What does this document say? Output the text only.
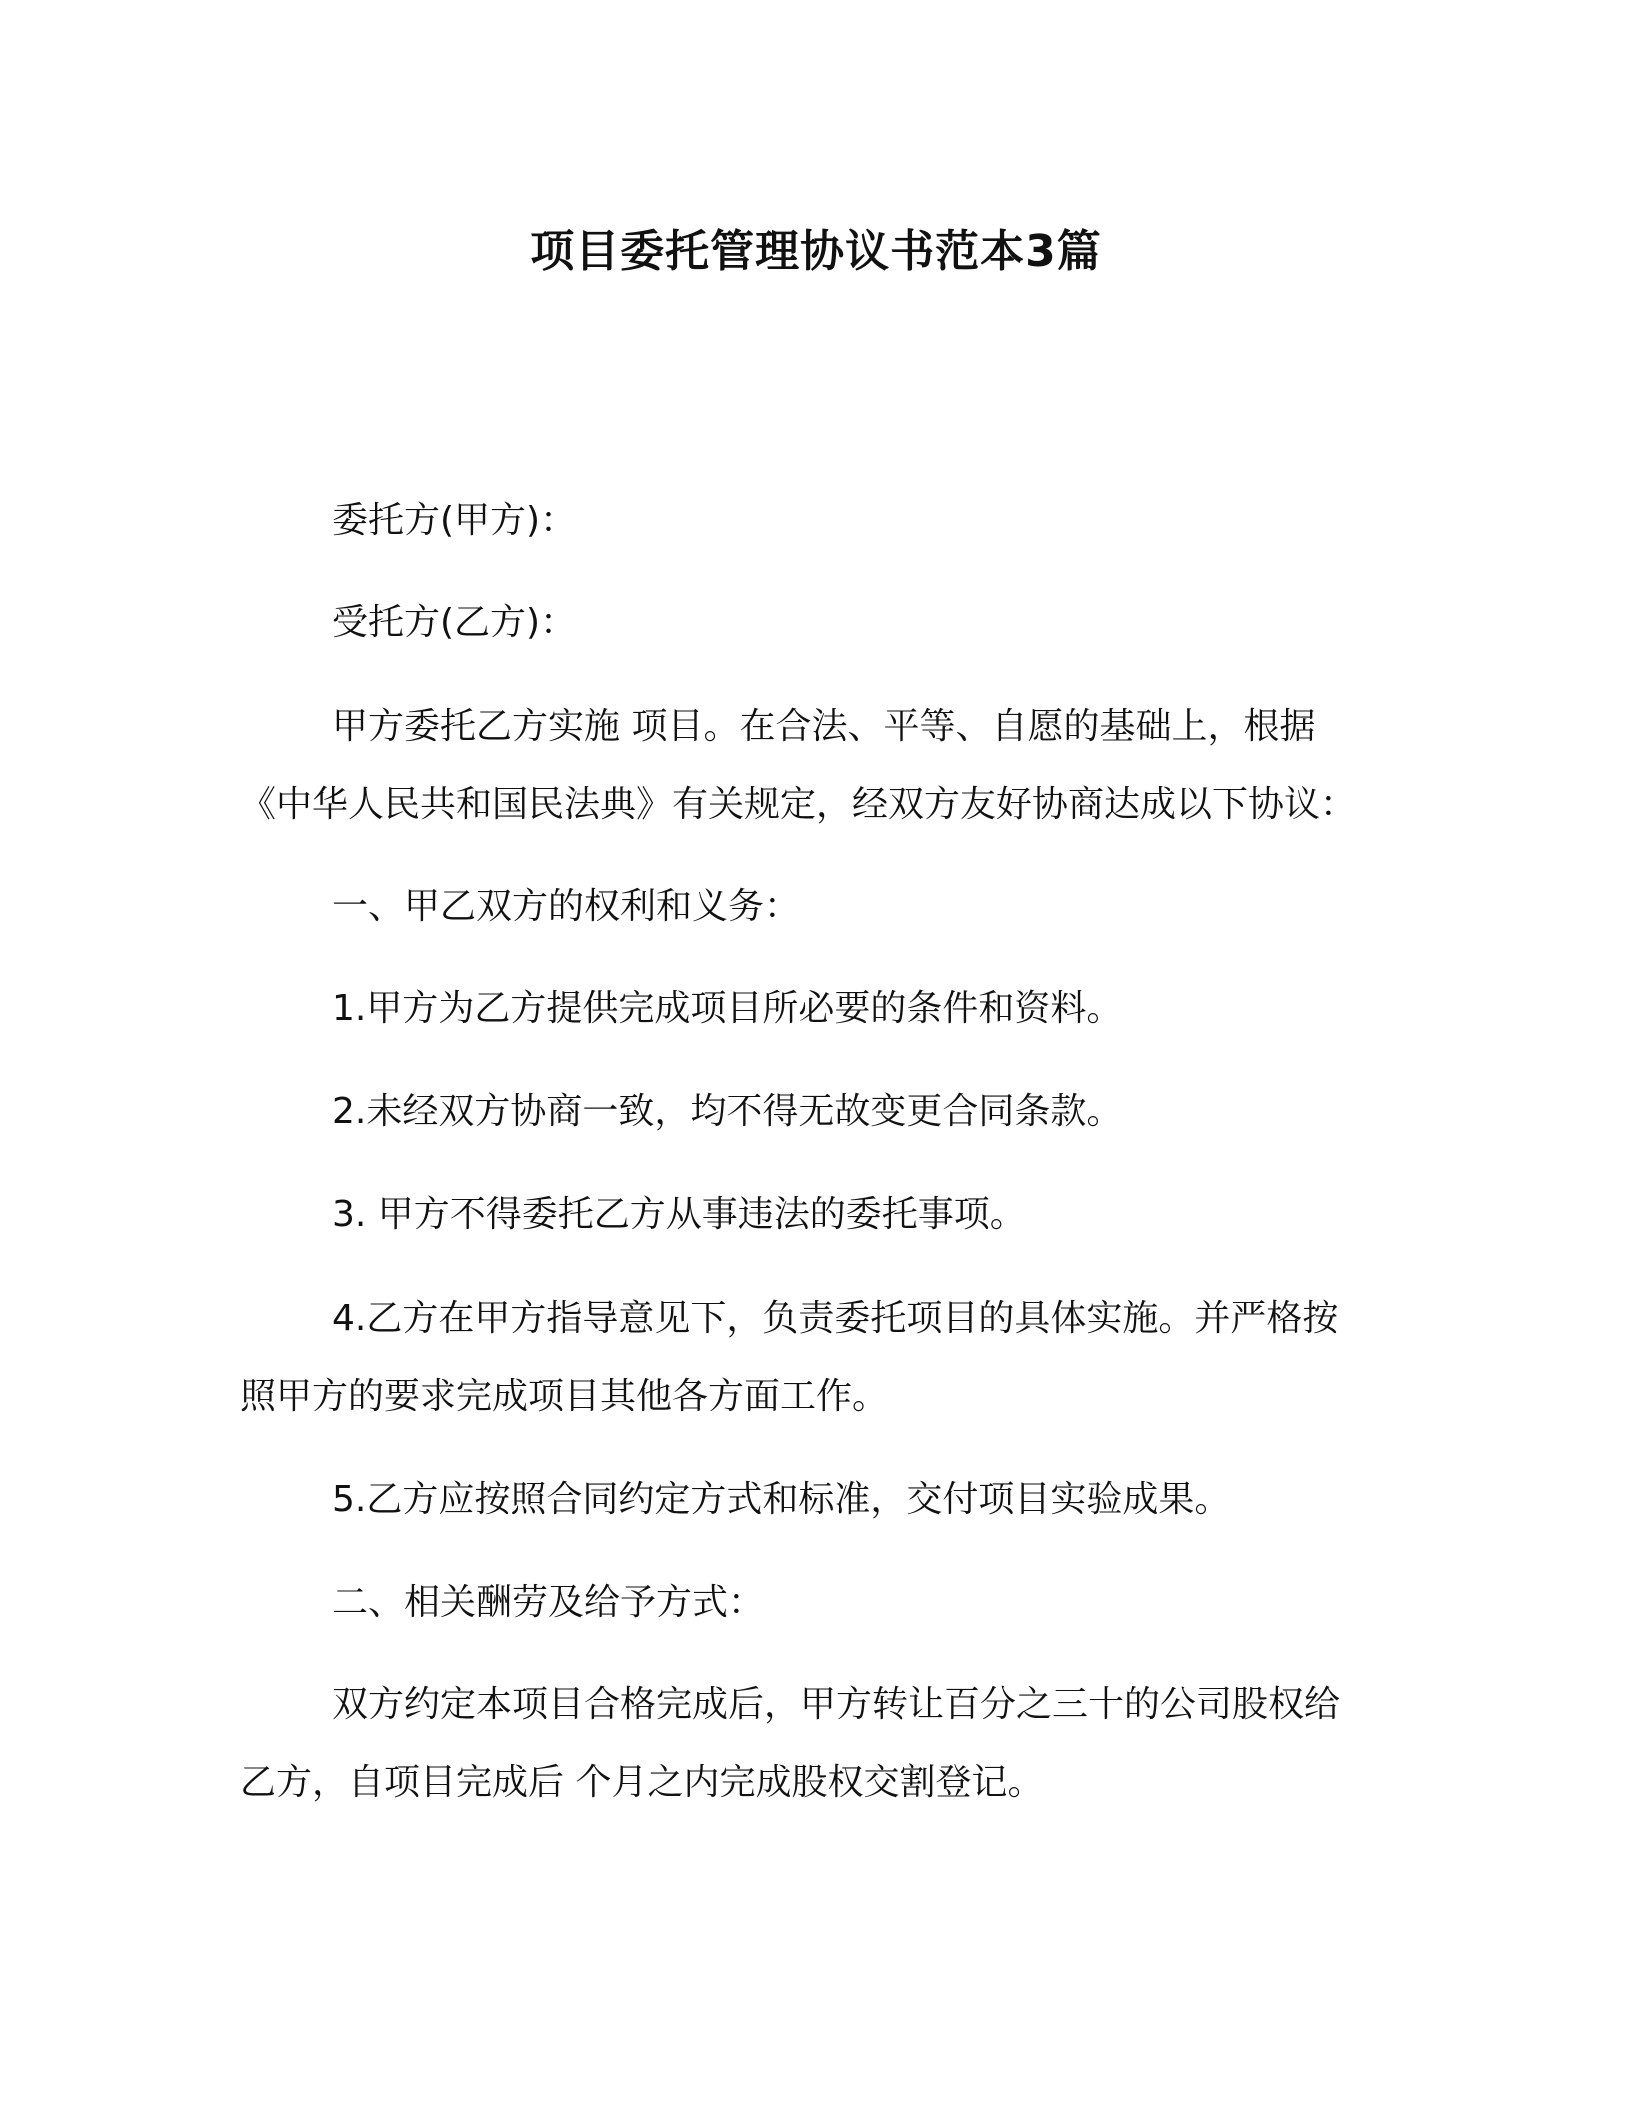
项目委托管理协议书范本3篇
委托方(甲方)：
受托方(乙方)：
甲方委托乙方实施 项目。在合法、平等、自愿的基础上，根据
《中华人民共和国民法典》有关规定，经双方友好协商达成以下协议：
一、甲乙双方的权利和义务：
1.甲方为乙方提供完成项目所必要的条件和资料。
2.未经双方协商一致，均不得无故变更合同条款。
3. 甲方不得委托乙方从事违法的委托事项。
4.乙方在甲方指导意见下，负责委托项目的具体实施。并严格按
照甲方的要求完成项目其他各方面工作。
5.乙方应按照合同约定方式和标准，交付项目实验成果。
二、相关酬劳及给予方式：
双方约定本项目合格完成后，甲方转让百分之三十的公司股权给
乙方，自项目完成后 个月之内完成股权交割登记。
